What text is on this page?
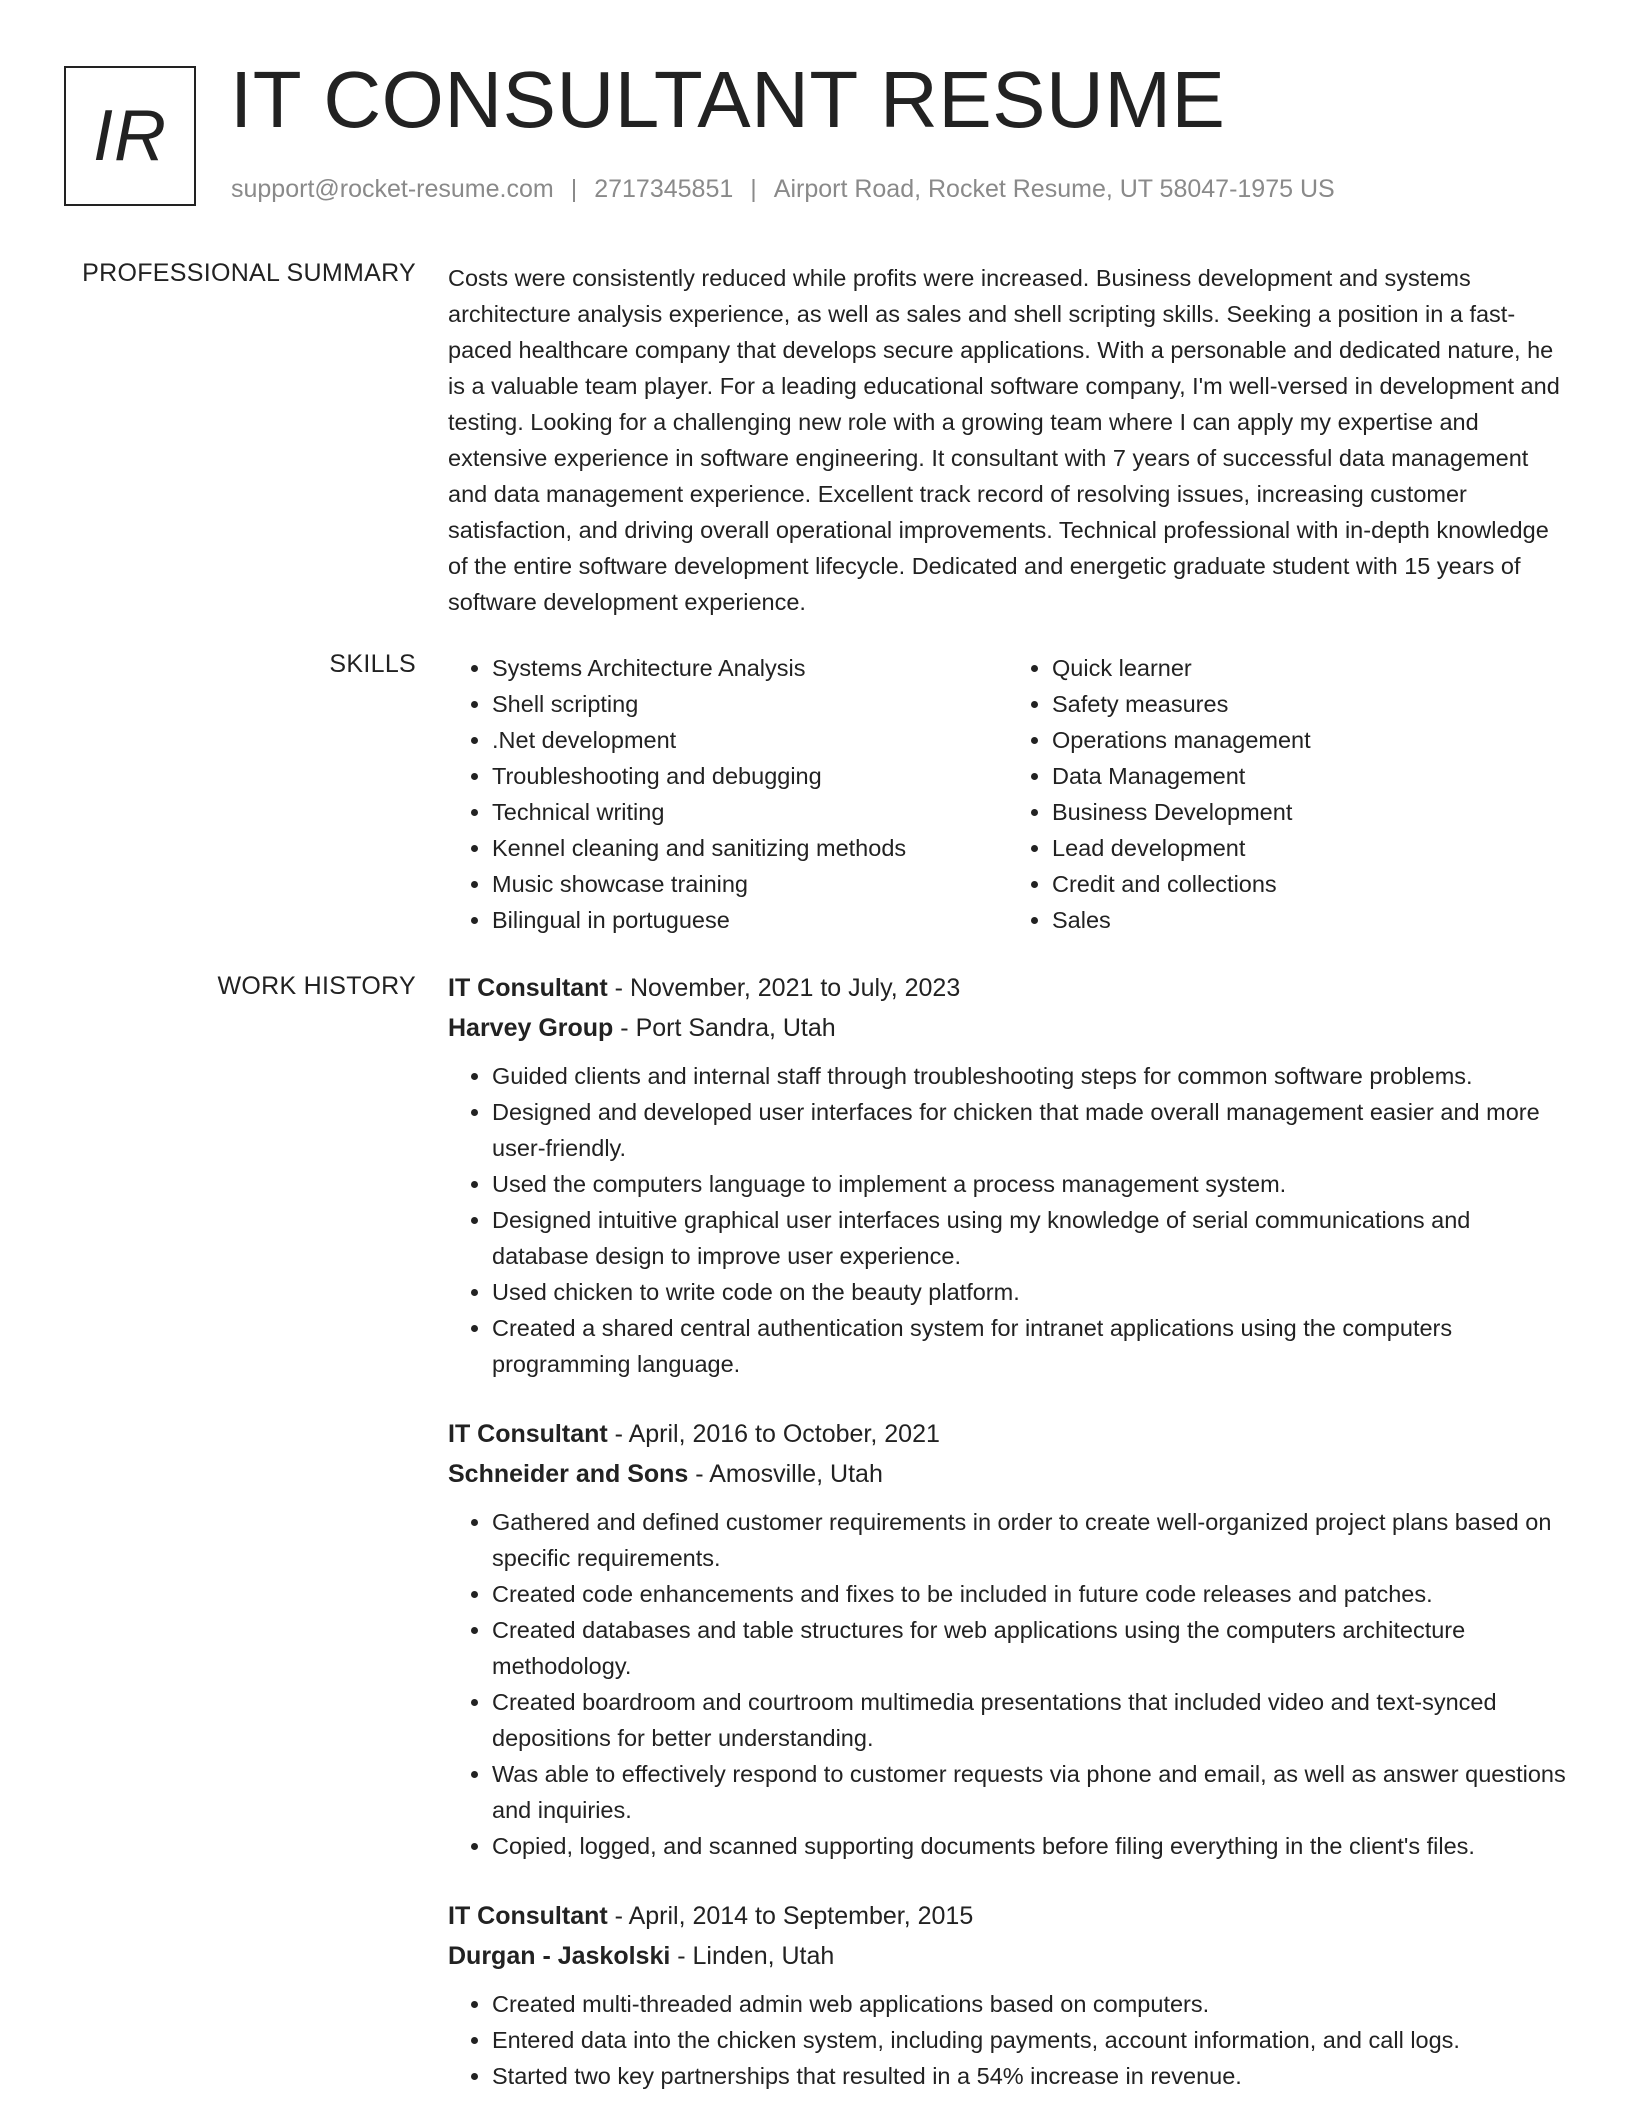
IR IT CONSULTANT RESUME
support@rocket-resume.com | 2717345851 | Airport Road, Rocket Resume, UT 58047-1975 US
PROFESSIONAL SUMMARY Costs were consistently reduced while profits were increased. Business development and systems architecture analysis experience, as well as sales and shell scripting skills. Seeking a position in a fast-paced healthcare company that develops secure applications. With a personable and dedicated nature, he is a valuable team player. For a leading educational software company, I'm well-versed in development and testing. Looking for a challenging new role with a growing team where I can apply my expertise and extensive experience in software engineering. It consultant with 7 years of successful data management and data management experience. Excellent track record of resolving issues, increasing customer satisfaction, and driving overall operational improvements. Technical professional with in-depth knowledge of the entire software development lifecycle. Dedicated and energetic graduate student with 15 years of software development experience.

SKILLS
•	Systems Architecture Analysis
• Shell scripting
• .Net development
• Troubleshooting and debugging
• Technical writing
• Kennel cleaning and sanitizing methods
• Music showcase training
• Bilingual in portuguese
• Quick learner
• Safety measures
• Operations management
• Data Management
• Business Development
• Lead development
• Credit and collections
• Sales
WORK HISTORY IT Consultant - November, 2021 to July, 2023
Harvey Group - Port Sandra, Utah
• Guided clients and internal staff through troubleshooting steps for common software problems.
• Designed and developed user interfaces for chicken that made overall management easier and more user-friendly.
• Used the computers language to implement a process management system.
• Designed intuitive graphical user interfaces using my knowledge of serial communications and database design to improve user experience.
• Used chicken to write code on the beauty platform.
• Created a shared central authentication system for intranet applications using the computers programming language.
IT Consultant - April, 2016 to October, 2021
Schneider and Sons - Amosville, Utah
• Gathered and defined customer requirements in order to create well-organized project plans based on specific requirements.
• Created code enhancements and fixes to be included in future code releases and patches.
• Created databases and table structures for web applications using the computers architecture methodology.
• Created boardroom and courtroom multimedia presentations that included video and text-synced depositions for better understanding.
• Was able to effectively respond to customer requests via phone and email, as well as answer questions and inquiries.
• Copied, logged, and scanned supporting documents before filing everything in the client's files.
IT Consultant - April, 2014 to September, 2015
Durgan - Jaskolski - Linden, Utah
• Created multi-threaded admin web applications based on computers.
• Entered data into the chicken system, including payments, account information, and call logs.
• Started two key partnerships that resulted in a 54% increase in revenue.
